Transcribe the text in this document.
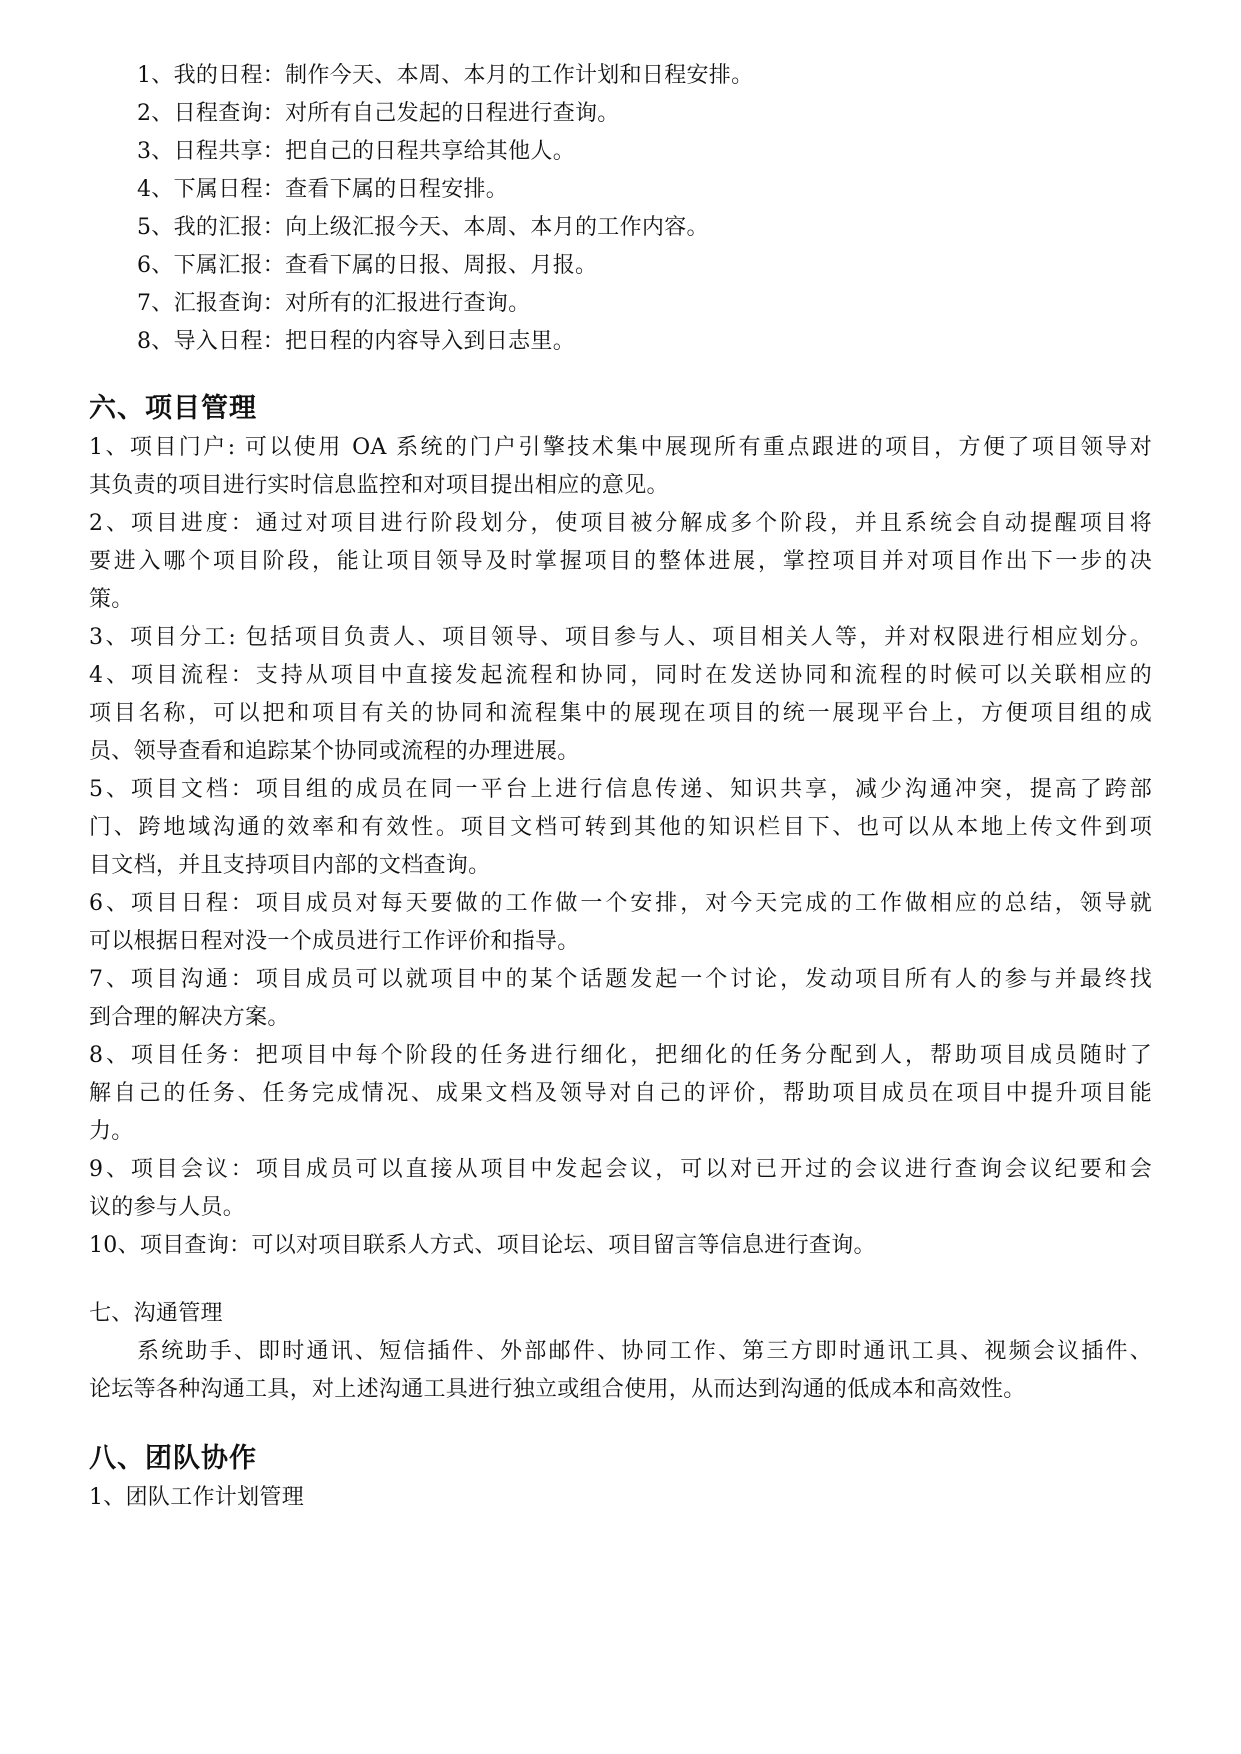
1、我的日程：制作今天、本周、本月的工作计划和日程安排。
2、日程查询：对所有自己发起的日程进行查询。
3、日程共享：把自己的日程共享给其他人。
4、下属日程：查看下属的日程安排。
5、我的汇报：向上级汇报今天、本周、本月的工作内容。
6、下属汇报：查看下属的日报、周报、月报。
7、汇报查询：对所有的汇报进行查询。
8、导入日程：把日程的内容导入到日志里。
六、项目管理
1、项目门户: 可以使用 OA 系统的门户引擎技术集中展现所有重点跟进的项目，方便了项目领导对
其负责的项目进行实时信息监控和对项目提出相应的意见。
2、项目进度：通过对项目进行阶段划分，使项目被分解成多个阶段，并且系统会自动提醒项目将
要进入哪个项目阶段，能让项目领导及时掌握项目的整体进展，掌控项目并对项目作出下一步的决
策。
3、项目分工: 包括项目负责人、项目领导、项目参与人、项目相关人等，并对权限进行相应划分。
4、项目流程：支持从项目中直接发起流程和协同，同时在发送协同和流程的时候可以关联相应的
项目名称，可以把和项目有关的协同和流程集中的展现在项目的统一展现平台上，方便项目组的成
员、领导查看和追踪某个协同或流程的办理进展。
5、项目文档：项目组的成员在同一平台上进行信息传递、知识共享，减少沟通冲突，提高了跨部
门、跨地域沟通的效率和有效性。项目文档可转到其他的知识栏目下、也可以从本地上传文件到项
目文档，并且支持项目内部的文档查询。
6、项目日程：项目成员对每天要做的工作做一个安排，对今天完成的工作做相应的总结，领导就
可以根据日程对没一个成员进行工作评价和指导。
7、项目沟通：项目成员可以就项目中的某个话题发起一个讨论，发动项目所有人的参与并最终找
到合理的解决方案。
8、项目任务：把项目中每个阶段的任务进行细化，把细化的任务分配到人，帮助项目成员随时了
解自己的任务、任务完成情况、成果文档及领导对自己的评价，帮助项目成员在项目中提升项目能
力。
9、项目会议：项目成员可以直接从项目中发起会议，可以对已开过的会议进行查询会议纪要和会
议的参与人员。
10、项目查询：可以对项目联系人方式、项目论坛、项目留言等信息进行查询。
七、沟通管理
系统助手、即时通讯、短信插件、外部邮件、协同工作、第三方即时通讯工具、视频会议插件、
论坛等各种沟通工具，对上述沟通工具进行独立或组合使用，从而达到沟通的低成本和高效性。
八、团队协作
1、团队工作计划管理
